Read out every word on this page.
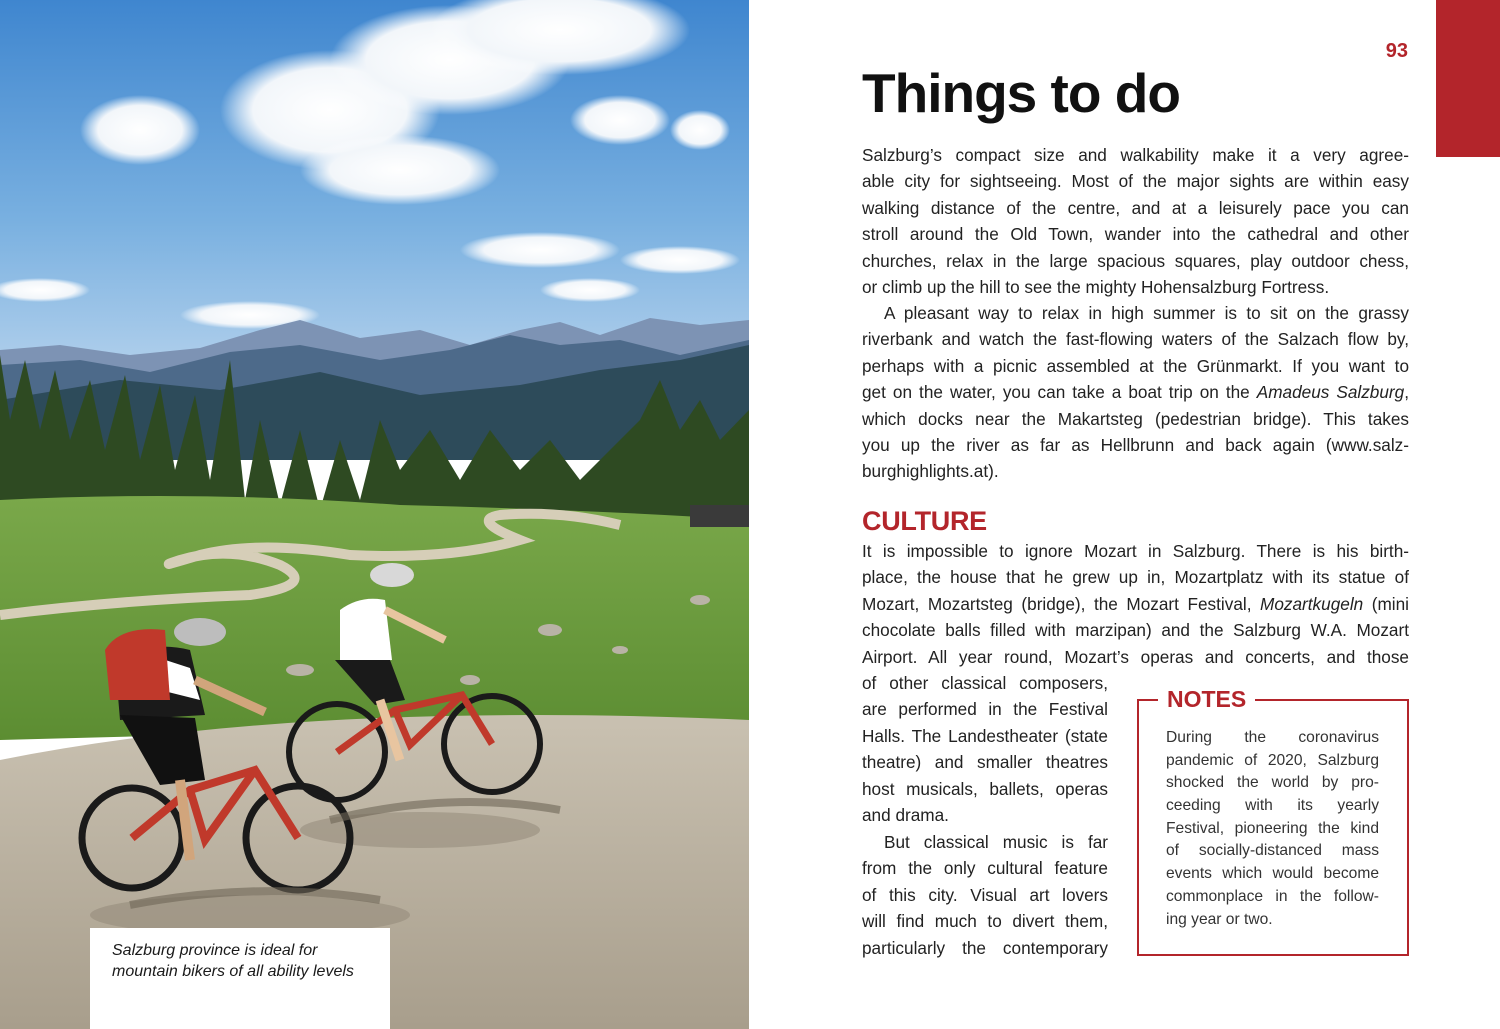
Salzburg province is ideal for
mountain bikers of all ability levels
93
Things to do
Salzburg’s compact size and walkability make it a very agree-
able city for sightseeing. Most of the major sights are within easy
walking distance of the centre, and at a leisurely pace you can
stroll around the Old Town, wander into the cathedral and other
churches, relax in the large spacious squares, play outdoor chess,
or climb up the hill to see the mighty Hohensalzburg Fortress.
A pleasant way to relax in high summer is to sit on the grassy
riverbank and watch the fast-flowing waters of the Salzach flow by,
perhaps with a picnic assembled at the Grünmarkt. If you want to
get on the water, you can take a boat trip on the Amadeus Salzburg,
which docks near the Makartsteg (pedestrian bridge). This takes
you up the river as far as Hellbrunn and back again (www.salz-
burghighlights.at).
CULTURE
It is impossible to ignore Mozart in Salzburg. There is his birth-
place, the house that he grew up in, Mozartplatz with its statue of
Mozart, Mozartsteg (bridge), the Mozart Festival, Mozartkugeln (mini
chocolate balls filled with marzipan) and the Salzburg W.A. Mozart
Airport. All year round, Mozart’s operas and concerts, and those
of other classical composers,
are performed in the Festival
Halls. The Landestheater (state
theatre) and smaller theatres
host musicals, ballets, operas
and drama.
But classical music is far
from the only cultural feature
of this city. Visual art lovers
will find much to divert them,
particularly the contemporary
NOTES
During the coronavirus
pandemic of 2020, Salzburg
shocked the world by pro-
ceeding with its yearly
Festival, pioneering the kind
of socially-distanced mass
events which would become
commonplace in the follow-
ing year or two.
